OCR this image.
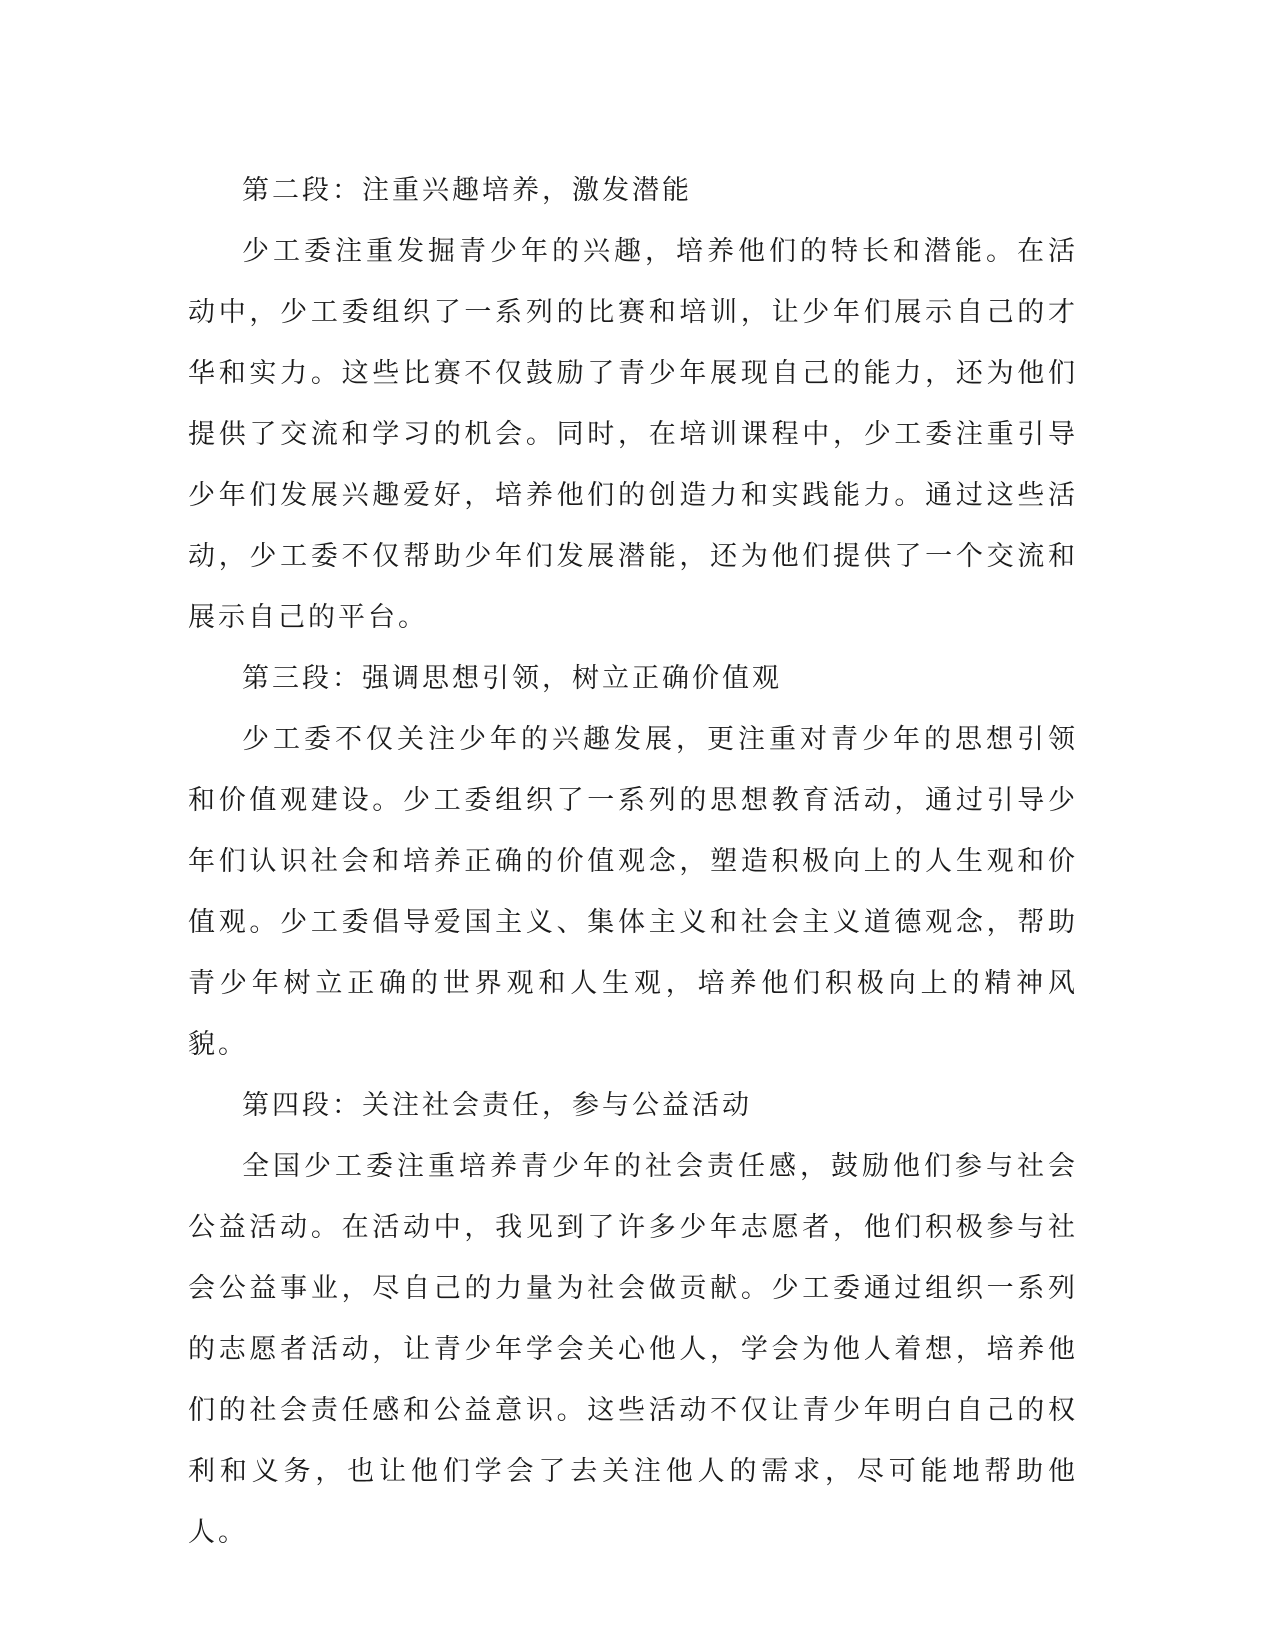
第二段：注重兴趣培养，激发潜能

少工委注重发掘青少年的兴趣，培养他们的特长和潜能。在活动中，少工委组织了一系列的比赛和培训，让少年们展示自己的才华和实力。这些比赛不仅鼓励了青少年展现自己的能力，还为他们提供了交流和学习的机会。同时，在培训课程中，少工委注重引导少年们发展兴趣爱好，培养他们的创造力和实践能力。通过这些活动，少工委不仅帮助少年们发展潜能，还为他们提供了一个交流和展示自己的平台。

第三段：强调思想引领，树立正确价值观

少工委不仅关注少年的兴趣发展，更注重对青少年的思想引领和价值观建设。少工委组织了一系列的思想教育活动，通过引导少年们认识社会和培养正确的价值观念，塑造积极向上的人生观和价值观。少工委倡导爱国主义、集体主义和社会主义道德观念，帮助青少年树立正确的世界观和人生观，培养他们积极向上的精神风貌。

第四段：关注社会责任，参与公益活动

全国少工委注重培养青少年的社会责任感，鼓励他们参与社会公益活动。在活动中，我见到了许多少年志愿者，他们积极参与社会公益事业，尽自己的力量为社会做贡献。少工委通过组织一系列的志愿者活动，让青少年学会关心他人，学会为他人着想，培养他们的社会责任感和公益意识。这些活动不仅让青少年明白自己的权利和义务，也让他们学会了去关注他人的需求，尽可能地帮助他人。
